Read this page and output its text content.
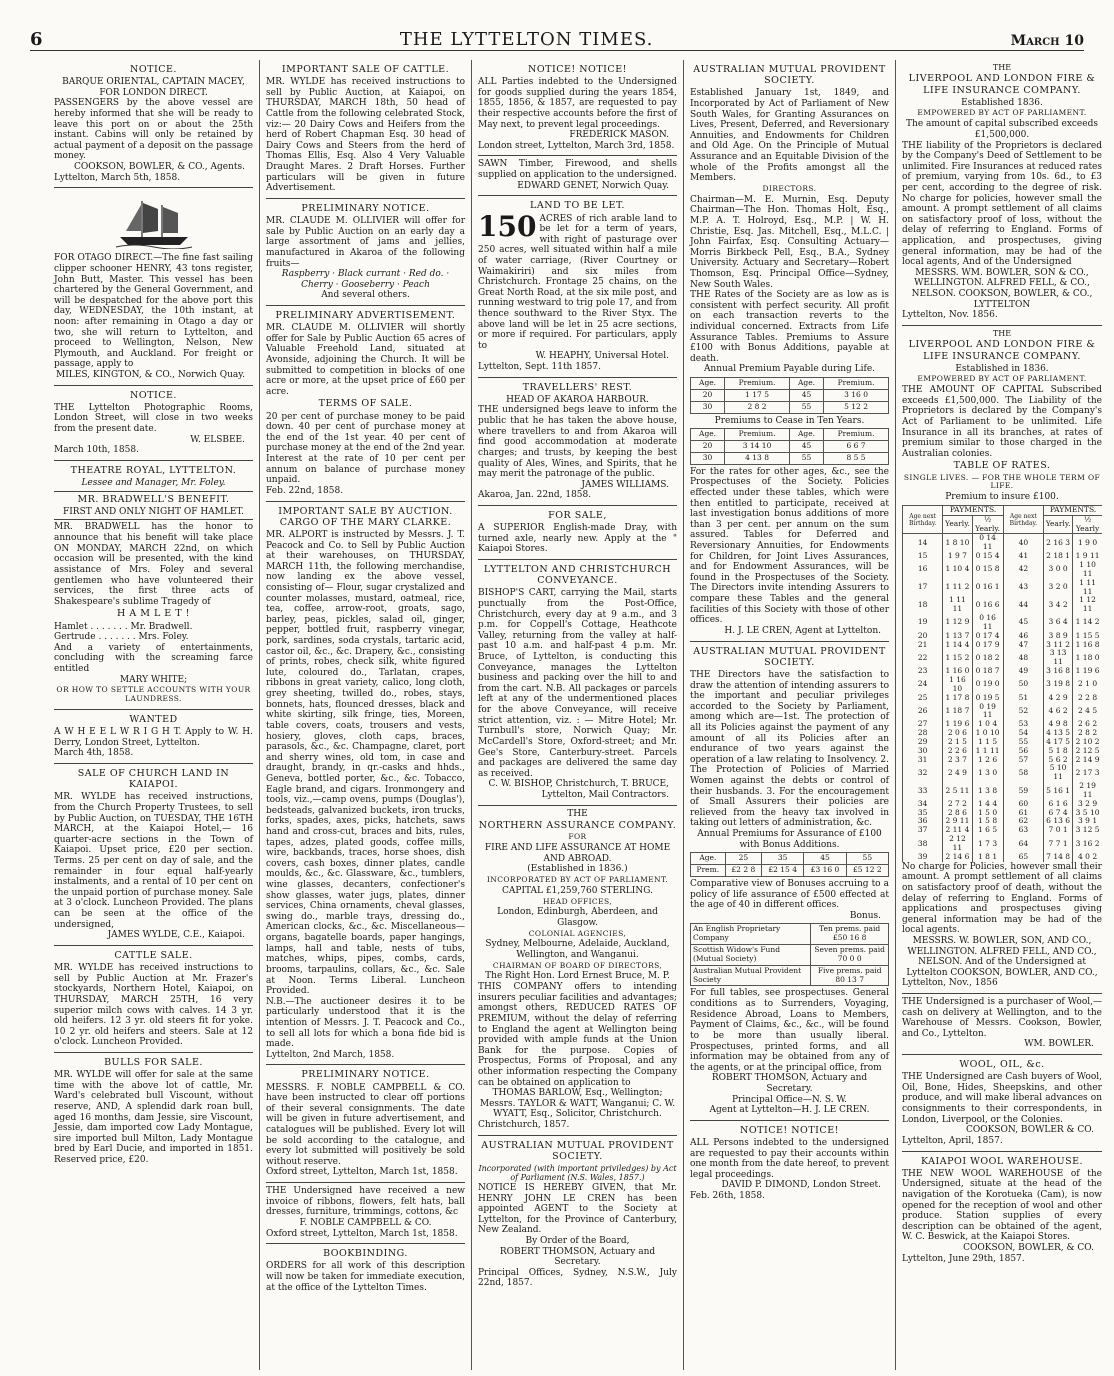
6	THE LYTTELTON TIMES.	March 10
NOTICE.
BARQUE ORIENTAL, CAPTAIN MACEY, FOR LONDON DIRECT.
PASSENGERS by the above vessel are hereby informed that she will be ready to leave this port on or about the 25th instant. Cabins will only be retained by actual payment of a deposit on the passage money.
COOKSON, BOWLER, & CO., Agents.
Lyttelton, March 5th, 1858.
FOR OTAGO DIRECT.—The fine fast sailing clipper schooner HENRY, 43 tons register, John Butt, Master. This vessel has been chartered by the General Government, and will be despatched for the above port this day, WEDNESDAY, the 10th instant, at noon: after remaining in Otago a day or two, she will return to Lyttelton, and proceed to Wellington, Nelson, New Plymouth, and Auckland. For freight or passage, apply to
MILES, KINGTON, & CO., Norwich Quay.
NOTICE.
THE Lyttelton Photographic Rooms, London Street, will close in two weeks from the present date.
W. ELSBEE.
March 10th, 1858.
THEATRE ROYAL, LYTTELTON.
Lessee and Manager, Mr. Foley.
MR. BRADWELL'S BENEFIT.
FIRST AND ONLY NIGHT OF HAMLET.
MR. BRADWELL has the honor to announce that his benefit will take place ON MONDAY, MARCH 22nd, on which occasion will be presented, with the kind assistance of Mrs. Foley and several gentlemen who have volunteered their services, the first three acts of Shakespeare's sublime Tragedy of
H A M L E T !
Hamlet . . . . . . . Mr. Bradwell.
Gertrude . . . . . . . Mrs. Foley.
And a variety of entertainments, concluding with the screaming farce entitled
MARY WHITE;
OR HOW TO SETTLE ACCOUNTS WITH YOUR LAUNDRESS.
WANTED
A W H E E L W R I G H T. Apply to W. H. Derry, London Street, Lyttelton.
March 4th, 1858.
SALE OF CHURCH LAND IN KAIAPOI.
MR. WYLDE has received instructions, from the Church Property Trustees, to sell by Public Auction, on TUESDAY, THE 16TH MARCH, at the Kaiapoi Hotel,— 16 quarter-acre sections in the Town of Kaiapoi. Upset price, £20 per section. Terms. 25 per cent on day of sale, and the remainder in four equal half-yearly instalments, and a rental of 10 per cent on the unpaid portion of purchase money. Sale at 3 o'clock. Luncheon Provided. The plans can be seen at the office of the undersigned,
JAMES WYLDE, C.E., Kaiapoi.
CATTLE SALE.
MR. WYLDE has received instructions to sell by Public Auction at Mr. Frazer's stockyards, Northern Hotel, Kaiapoi, on THURSDAY, MARCH 25TH, 16 very superior milch cows with calves. 14 3 yr. old heifers. 12 3 yr. old steers fit for yoke. 10 2 yr. old heifers and steers. Sale at 12 o'clock. Luncheon Provided.
BULLS FOR SALE.
MR. WYLDE will offer for sale at the same time with the above lot of cattle, Mr. Ward's celebrated bull Viscount, without reserve, AND, A splendid dark roan bull, aged 16 months, dam Jessie, sire Viscount, Jessie, dam imported cow Lady Montague, sire imported bull Milton, Lady Montague bred by Earl Ducie, and imported in 1851. Reserved price, £20.
IMPORTANT SALE OF CATTLE.
MR. WYLDE has received instructions to sell by Public Auction, at Kaiapoi, on THURSDAY, MARCH 18th, 50 head of Cattle from the following celebrated Stock, viz:— 20 Dairy Cows and Heifers from the herd of Robert Chapman Esq. 30 head of Dairy Cows and Steers from the herd of Thomas Ellis, Esq. Also 4 Very Valuable Draught Mares. 2 Draft Horses. Further particulars will be given in future Advertisement.
PRELIMINARY NOTICE.
MR. CLAUDE M. OLLIVIER will offer for sale by Public Auction on an early day a large assortment of jams and jellies, manufactured in Akaroa of the following fruits—
Raspberry · Black currant · Red do. · Cherry · Gooseberry · Peach
And several others.
PRELIMINARY ADVERTISEMENT.
MR. CLAUDE M. OLLIVIER will shortly offer for Sale by Public Auction 65 acres of Valuable Freehold Land, situated at Avonside, adjoining the Church. It will be submitted to competition in blocks of one acre or more, at the upset price of £60 per acre.
TERMS OF SALE.
20 per cent of purchase money to be paid down. 40 per cent of purchase money at the end of the 1st year. 40 per cent of purchase money at the end of the 2nd year. Interest at the rate of 10 per cent per annum on balance of purchase money unpaid.
Feb. 22nd, 1858.
IMPORTANT SALE BY AUCTION. CARGO OF THE MARY CLARKE.
MR. ALPORT is instructed by Messrs. J. T. Peacock and Co. to Sell by Public Auction at their warehouses, on THURSDAY, MARCH 11th, the following merchandise, now landing ex the above vessel, consisting of— Flour, sugar crystalized and counter molasses, mustard, oatmeal, rice, tea, coffee, arrow-root, groats, sago, barley, peas, pickles, salad oil, ginger, pepper, bottled fruit, raspberry vinegar, pork, sardines, soda crystals, tartaric acid, castor oil, &c., &c. Drapery, &c., consisting of prints, robes, check silk, white figured lute, coloured do., Tarlatan, crapes, ribbons in great variety, calico, long cloth, grey sheeting, twilled do., robes, stays, bonnets, hats, flounced dresses, black and white skirting, silk fringe, ties, Moreen, table covers, coats, trousers and vests, hosiery, gloves, cloth caps, braces, parasols, &c., &c. Champagne, claret, port and sherry wines, old tom, in case and draught, brandy, in qr.-casks and hhds., Geneva, bottled porter, &c., &c. Tobacco, Eagle brand, and cigars. Ironmongery and tools, viz.,—camp ovens, pumps (Douglas'), bedsteads, galvanized buckets, iron trucks, forks, spades, axes, picks, hatchets, saws hand and cross-cut, braces and bits, rules, tapes, adzes, plated goods, coffee mills, wire, backbands, traces, horse shoes, dish covers, cash boxes, dinner plates, candle moulds, &c., &c. Glassware, &c., tumblers, wine glasses, decanters, confectioner's show glasses, water jugs, plates, dinner services, China ornaments, cheval glasses, swing do., marble trays, dressing do., American clocks, &c., &c. Miscellaneous—organs, bagatelle boards, paper hangings, lamps, hall and table, nests of tubs, matches, whips, pipes, combs, cards, brooms, tarpaulins, collars, &c., &c. Sale at Noon. Terms Liberal. Luncheon Provided.
N.B.—The auctioneer desires it to be particularly understood that it is the intention of Messrs. J. T. Peacock and Co., to sell all lots for which a bona fide bid is made.
Lyttelton, 2nd March, 1858.
PRELIMINARY NOTICE.
MESSRS. F. NOBLE CAMPBELL & CO. have been instructed to clear off portions of their several consignments. The date will be given in future advertisement, and catalogues will be published. Every lot will be sold according to the catalogue, and every lot submitted will positively be sold without reserve.
Oxford street, Lyttelton, March 1st, 1858.
THE Undersigned have received a new invoice of ribbons, flowers, felt hats, ball dresses, furniture, trimmings, cottons, &c
F. NOBLE CAMPBELL & CO.
Oxford street, Lyttelton, March 1st, 1858.
BOOKBINDING.
ORDERS for all work of this description will now be taken for immediate execution, at the office of the Lyttelton Times.
NOTICE! NOTICE!
ALL Parties indebted to the Undersigned for goods supplied during the years 1854, 1855, 1856, & 1857, are requested to pay their respective accounts before the first of May next, to prevent legal proceedings.
FREDERICK MASON.
London street, Lyttelton, March 3rd, 1858.
SAWN Timber, Firewood, and shells supplied on application to the undersigned.
EDWARD GENET, Norwich Quay.
LAND TO BE LET.
150 ACRES of rich arable land to be let for a term of years, with right of pasturage over 250 acres, well situated within half a mile of water carriage, (River Courtney or Waimakiriri) and six miles from Christchurch. Frontage 25 chains, on the Great North Road, at the six mile post, and running westward to trig pole 17, and from thence southward to the River Styx. The above land will be let in 25 acre sections, or more if required. For particulars, apply to
W. HEAPHY, Universal Hotel.
Lyttelton, Sept. 11th 1857.
TRAVELLERS' REST.
HEAD OF AKAROA HARBOUR.
THE undersigned begs leave to inform the public that he has taken the above house, where travellers to and from Akaroa will find good accommodation at moderate charges; and trusts, by keeping the best quality of Ales, Wines, and Spirits, that he may merit the patronage of the public.
JAMES WILLIAMS.
Akaroa, Jan. 22nd, 1858.
FOR SALE,
A SUPERIOR English-made Dray, with turned axle, nearly new. Apply at the " Kaiapoi Stores.
LYTTELTON AND CHRISTCHURCH CONVEYANCE.
BISHOP'S CART, carrying the Mail, starts punctually from the Post-Office, Christchurch, every day at 9 a.m., and 3 p.m. for Coppell's Cottage, Heathcote Valley, returning from the valley at half-past 10 a.m. and half-past 4 p.m. Mr. Bruce, of Lyttelton, is conducting this Conveyance, manages the Lyttelton business and packing over the hill to and from the cart. N.B. All packages or parcels left at any of the undermentioned places for the above Conveyance, will receive strict attention, viz. : — Mitre Hotel; Mr. Turnbull's store, Norwich Quay; Mr. McCardell's Store, Oxford-street; and Mr. Gee's Store, Canterbury-street. Parcels and packages are delivered the same day as received.
C. W. BISHOP, Christchurch, T. BRUCE, Lyttelton, Mail Contractors.
THE
NORTHERN ASSURANCE COMPANY.
FOR
FIRE AND LIFE ASSURANCE AT HOME AND ABROAD.
(Established in 1836.)
INCORPORATED BY ACT OF PARLIAMENT.
CAPITAL £1,259,760 STERLING.
HEAD OFFICES,
London, Edinburgh, Aberdeen, and Glasgow.
COLONIAL AGENCIES,
Sydney, Melbourne, Adelaide, Auckland, Wellington, and Wanganui.
CHAIRMAN OF BOARD OF DIRECTORS,
The Right Hon. Lord Ernest Bruce, M. P.
THIS COMPANY offers to intending insurers peculiar facilities and advantages; amongst others, REDUCED RATES OF PREMIUM, without the delay of referring to England the agent at Wellington being provided with ample funds at the Union Bank for the purpose. Copies of Prospectus, Forms of Proposal, and any other information respecting the Company can be obtained on application to
THOMAS BARLOW, Esq., Wellington; Messrs. TAYLOR & WATT, Wanganui; C. W. WYATT, Esq., Solicitor, Christchurch.
Christchurch, 1857.
AUSTRALIAN MUTUAL PROVIDENT SOCIETY.
Incorporated (with important priviledges) by Act of Parliament (N.S. Wales, 1857.)
NOTICE IS HEREBY GIVEN, that Mr. HENRY JOHN LE CREN has been appointed AGENT to the Society at Lyttelton, for the Province of Canterbury, New Zealand.
By Order of the Board,
ROBERT THOMSON, Actuary and Secretary.
Principal Offices, Sydney, N.S.W., July 22nd, 1857.
AUSTRALIAN MUTUAL PROVIDENT SOCIETY.
Established January 1st, 1849, and Incorporated by Act of Parliament of New South Wales, for Granting Assurances on Lives, Present, Deferred, and Reversionary Annuities, and Endowments for Children and Old Age. On the Principle of Mutual Assurance and an Equitable Division of the whole of the Profits amongst all the Members.
DIRECTORS.
Chairman—M. E. Murnin, Esq. Deputy Chairman—The Hon. Thomas Holt, Esq., M.P. A. T. Holroyd, Esq., M.P. | W. H. Christie, Esq. Jas. Mitchell, Esq., M.L.C. | John Fairfax, Esq. Consulting Actuary—Morris Birkbeck Pell, Esq., B.A., Sydney University. Actuary and Secretary—Robert Thomson, Esq. Principal Office—Sydney, New South Wales.
THE Rates of the Society are as low as is consistent with perfect security. All profit on each transaction reverts to the individual concerned. Extracts from Life Assurance Tables. Premiums to Assure £100 with Bonus Additions, payable at death.
Annual Premium Payable during Life.
Age.	Premium.	Age.	Premium.
20	1 17 5	45	3 16 0
30	2 8 2	55	5 12 2
Premiums to Cease in Ten Years.
Age.	Premium.	Age.	Premium.
20	3 14 10	45	6 6 7
30	4 13 8	55	8 5 5
For the rates for other ages, &c., see the Prospectuses of the Society. Policies effected under these tables, which were then entitled to participate, received at last investigation bonus additions of more than 3 per cent. per annum on the sum assured. Tables for Deferred and Reversionary Annuities, for Endowments for Children, for Joint Lives Assurances, and for Endowment Assurances, will be found in the Prospectuses of the Society. The Directors invite intending Assurers to compare these Tables and the general facilities of this Society with those of other offices.
H. J. LE CREN, Agent at Lyttelton.
AUSTRALIAN MUTUAL PROVIDENT SOCIETY.
THE Directors have the satisfaction to draw the attention of intending assurers to the important and peculiar privileges accorded to the Society by Parliament, among which are—1st. The protection of all its Policies against the payment of any amount of all its Policies after an endurance of two years against the operation of a law relating to Insolvency. 2. The Protection of Policies of Married Women against the debts or control of their husbands. 3. For the encouragement of Small Assurers their policies are relieved from the heavy tax involved in taking out letters of administration, &c.
Annual Premiums for Assurance of £100 with Bonus Additions.
Age.	25	35	45	55
Prem.	£2 2 8	£2 15 4	£3 16 0	£5 12 2
Comparative view of Bonuses accruing to a policy of life assurance of £500 effected at the age of 40 in different offices.
Bonus.
An English Proprietary Company	Ten prems. paid £50 16 8
Scottish Widow's Fund (Mutual Society)	Seven prems. paid 70 0 0
Australian Mutual Provident Society	Five prems. paid 80 13 7
For full tables, see prospectuses. General conditions as to Surrenders, Voyaging, Residence Abroad, Loans to Members, Payment of Claims, &c., &c., will be found to be more than usually liberal. Prospectuses, printed forms, and all information may be obtained from any of the agents, or at the principal office, from
ROBERT THOMSON, Actuary and Secretary.
Principal Office—N. S. W.
Agent at Lyttelton—H. J. LE CREN.
NOTICE! NOTICE!
ALL Persons indebted to the undersigned are requested to pay their accounts within one month from the date hereof, to prevent legal proceedings.
DAVID P. DIMOND, London Street.
Feb. 26th, 1858.
THE
LIVERPOOL AND LONDON FIRE & LIFE INSURANCE COMPANY.
Established 1836.
EMPOWERED BY ACT OF PARLIAMENT.
The amount of capital subscribed exceeds £1,500,000.
THE liability of the Proprietors is declared by the Company's Deed of Settlement to be unlimited. Fire Insurances at reduced rates of premium, varying from 10s. 6d., to £3 per cent, according to the degree of risk. No charge for policies, however small the amount. A prompt settlement of all claims on satisfactory proof of loss, without the delay of referring to England. Forms of application, and prospectuses, giving general information, may be had of the local agents, And of the Undersigned
MESSRS. WM. BOWLER, SON & CO., WELLINGTON. ALFRED FELL, & CO., NELSON. COOKSON, BOWLER, & CO., LYTTELTON
Lyttelton, Nov. 1856.
THE
LIVERPOOL AND LONDON FIRE & LIFE INSURANCE COMPANY.
Established in 1836.
EMPOWERED BY ACT OF PARLIAMENT.
THE AMOUNT OF CAPITAL Subscribed exceeds £1,500,000. The Liability of the Proprietors is declared by the Company's Act of Parliament to be unlimited. Life Insurance in all its branches, at rates of premium similar to those charged in the Australian colonies.
TABLE OF RATES.
SINGLE LIVES. — FOR THE WHOLE TERM OF LIFE.
Premium to insure £100.
Age next Birthday.	PAYMENTS.		Age next Birthday.	PAYMENTS.	
	Yearly.	½ Yearly.		Yearly.	½ Yearly
14	1 8 10	0 14 11	40	2 16 3	1 9 0
15	1 9 7	0 15 4	41	2 18 1	1 9 11
16	1 10 4	0 15 8	42	3 0 0	1 10 11
17	1 11 2	0 16 1	43	3 2 0	1 11 11
18	1 11 11	0 16 6	44	3 4 2	1 12 11
19	1 12 9	0 16 11	45	3 6 4	1 14 2
20	1 13 7	0 17 4	46	3 8 9	1 15 5
21	1 14 4	0 17 9	47	3 11 2	1 16 8
22	1 15 2	0 18 2	48	3 13 11	1 18 0
23	1 16 0	0 18 7	49	3 16 8	1 19 6
24	1 16 10	0 19 0	50	3 19 8	2 1 0
25	1 17 8	0 19 5	51	4 2 9	2 2 8
26	1 18 7	0 19 11	52	4 6 2	2 4 5
27	1 19 6	1 0 4	53	4 9 8	2 6 2
28	2 0 6	1 0 10	54	4 13 5	2 8 2
29	2 1 5	1 1 5	55	4 17 5	2 10 2
30	2 2 6	1 1 11	56	5 1 8	2 12 5
31	2 3 7	1 2 6	57	5 6 2	2 14 9
32	2 4 9	1 3 0	58	5 10 11	2 17 3
33	2 5 11	1 3 8	59	5 16 1	2 19 11
34	2 7 2	1 4 4	60	6 1 6	3 2 9
35	2 8 6	1 5 0	61	6 7 4	3 5 10
36	2 9 11	1 5 8	62	6 13 6	3 9 1
37	2 11 4	1 6 5	63	7 0 1	3 12 5
38	2 12 11	1 7 3	64	7 7 1	3 16 2
39	2 14 6	1 8 1	65	7 14 8	4 0 2
No charge for Policies, however small their amount. A prompt settlement of all claims on satisfactory proof of death, without the delay of referring to England. Forms of applications and prospectuses giving general information may be had of the local agents.
MESSRS. W. BOWLER, SON, AND CO., WELLINGTON. ALFRED FELL, AND CO., NELSON. And of the Undersigned at Lyttelton COOKSON, BOWLER, AND CO.,
Lyttelton, Nov., 1856
THE Undersigned is a purchaser of Wool,—cash on delivery at Wellington, and to the Warehouse of Messrs. Cookson, Bowler, and Co., Lyttelton.
WM. BOWLER.
WOOL, OIL, &c.
THE Undersigned are Cash buyers of Wool, Oil, Bone, Hides, Sheepskins, and other produce, and will make liberal advances on consignments to their correspondents, in London, Liverpool, or the Colonies.
COOKSON, BOWLER & CO.
Lyttelton, April, 1857.
KAIAPOI WOOL WAREHOUSE.
THE NEW WOOL WAREHOUSE of the Undersigned, situate at the head of the navigation of the Korotueka (Cam), is now opened for the reception of wool and other produce. Station supplies of every description can be obtained of the agent, W. C. Beswick, at the Kaiapoi Stores.
COOKSON, BOWLER, & CO.
Lyttelton, June 29th, 1857.
